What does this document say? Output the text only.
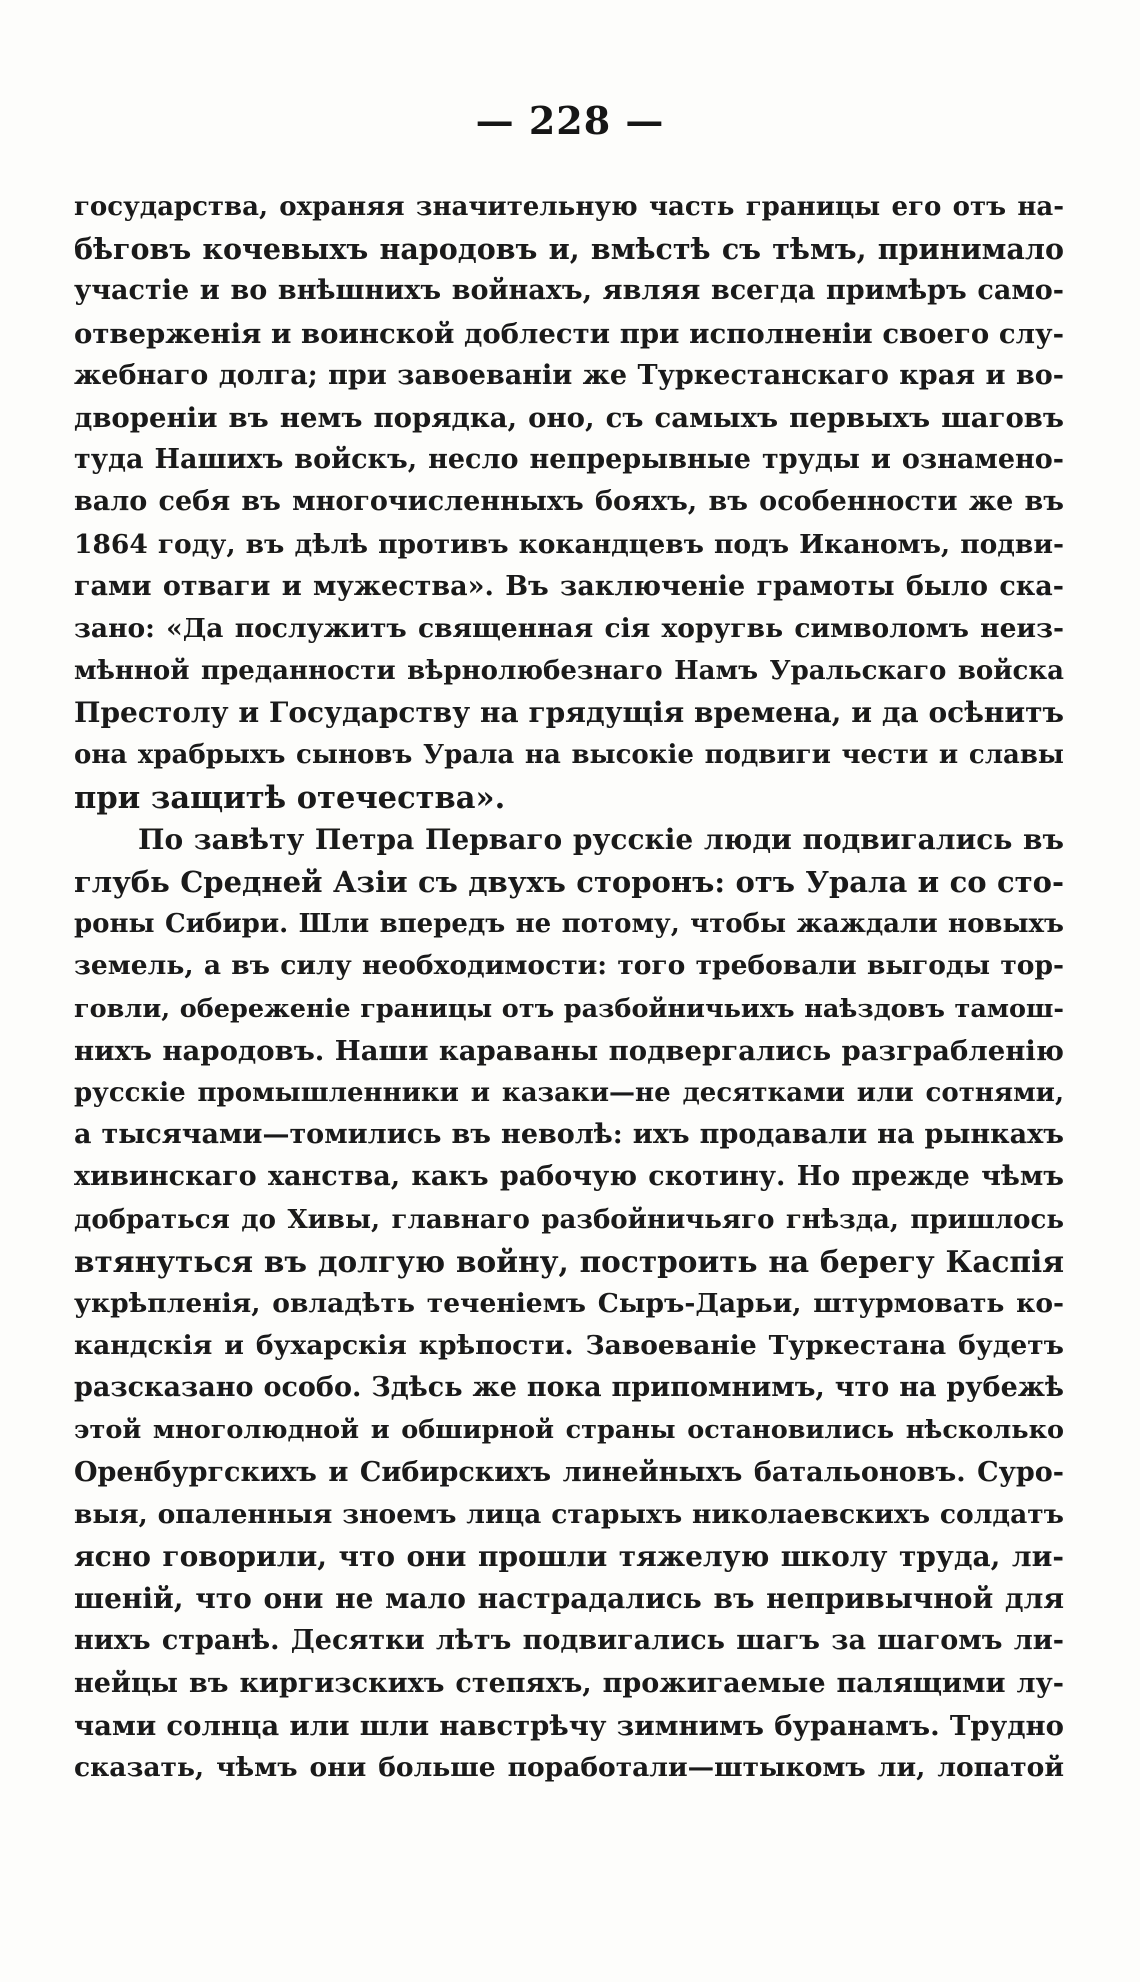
— 228 —
государства, охраняя значительную часть границы его отъ на-
бѣговъ кочевыхъ народовъ и, вмѣстѣ съ тѣмъ, принимало
участіе и во внѣшнихъ войнахъ, являя всегда примѣръ само-
отверженія и воинской доблести при исполненіи своего слу-
жебнаго долга; при завоеваніи же Туркестанскаго края и во-
двореніи въ немъ порядка, оно, съ самыхъ первыхъ шаговъ
туда Нашихъ войскъ, несло непрерывные труды и ознамено-
вало себя въ многочисленныхъ бояхъ, въ особенности же въ
1864 году, въ дѣлѣ противъ кокандцевъ подъ Иканомъ, подви-
гами отваги и мужества». Въ заключеніе грамоты было ска-
зано: «Да послужитъ священная сія хоругвь символомъ неиз-
мѣнной преданности вѣрнолюбезнаго Намъ Уральскаго войска
Престолу и Государству на грядущія времена, и да осѣнитъ
она храбрыхъ сыновъ Урала на высокіе подвиги чести и славы
при защитѣ отечества».
По завѣту Петра Перваго русскіе люди подвигались въ
глубь Средней Азіи съ двухъ сторонъ: отъ Урала и со сто-
роны Сибири. Шли впередъ не потому, чтобы жаждали новыхъ
земель, а въ силу необходимости: того требовали выгоды тор-
говли, обереженіе границы отъ разбойничьихъ наѣздовъ тамош-
нихъ народовъ. Наши караваны подвергались разграбленію
русскіе промышленники и казаки—не десятками или сотнями,
а тысячами—томились въ неволѣ: ихъ продавали на рынкахъ
хивинскаго ханства, какъ рабочую скотину. Но прежде чѣмъ
добраться до Хивы, главнаго разбойничьяго гнѣзда, пришлось
втянуться въ долгую войну, построить на берегу Каспія
укрѣпленія, овладѣть теченіемъ Сыръ-Дарьи, штурмовать ко-
кандскія и бухарскія крѣпости. Завоеваніе Туркестана будетъ
разсказано особо. Здѣсь же пока припомнимъ, что на рубежѣ
этой многолюдной и обширной страны остановились нѣсколько
Оренбургскихъ и Сибирскихъ линейныхъ батальоновъ. Суро-
выя, опаленныя зноемъ лица старыхъ николаевскихъ солдатъ
ясно говорили, что они прошли тяжелую школу труда, ли-
шеній, что они не мало настрадались въ непривычной для
нихъ странѣ. Десятки лѣтъ подвигались шагъ за шагомъ ли-
нейцы въ киргизскихъ степяхъ, прожигаемые палящими лу-
чами солнца или шли навстрѣчу зимнимъ буранамъ. Трудно
сказать, чѣмъ они больше поработали—штыкомъ ли, лопатой
